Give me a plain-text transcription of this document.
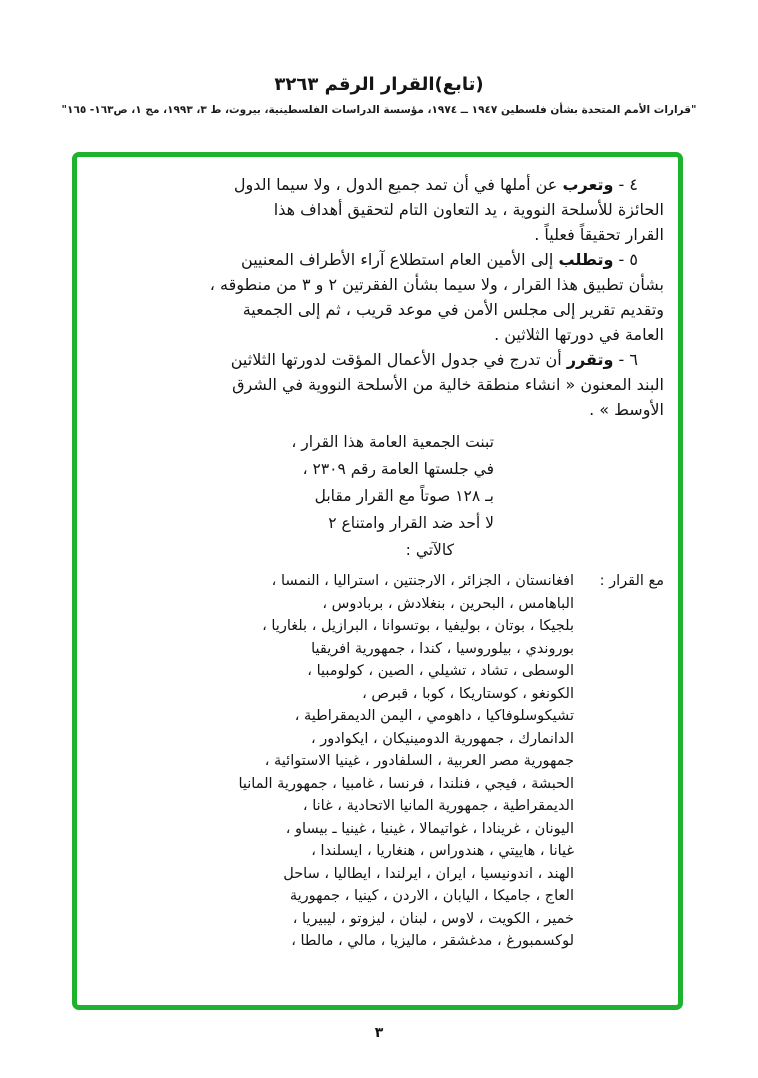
(تابع)القرار الرقم ٣٢٦٣
"قرارات الأمم المتحدة بشأن فلسطين ١٩٤٧ ــ ١٩٧٤، مؤسسة الدراسات الفلسطينية، بيروت، ط ٣، ١٩٩٣، مج ١، ص١٦٣- ١٦٥"
٤ - وتعرب عن أملها في أن تمد جميع الدول ، ولا سيما الدول
الحائزة للأسلحة النووية ، يد التعاون التام لتحقيق أهداف هذا
القرار تحقيقاً فعلياً .
٥ - وتطلب إلى الأمين العام استطلاع آراء الأطراف المعنيين
بشأن تطبيق هذا القرار ، ولا سيما بشأن الفقرتين ٢ و ٣ من منطوقه ،
وتقديم تقرير إلى مجلس الأمن في موعد قريب ، ثم إلى الجمعية
العامة في دورتها الثلاثين .
٦ - وتقرر أن تدرج في جدول الأعمال المؤقت لدورتها الثلاثين
البند المعنون « انشاء منطقة خالية من الأسلحة النووية في الشرق
الأوسط » .
تبنت الجمعية العامة هذا القرار ،
في جلستها العامة رقم ٢٣٠٩ ،
بـ ١٢٨ صوتاً مع القرار مقابل
لا أحد ضد القرار وامتناع ٢
كالآتي :
مع القرار :افغانستان ، الجزائر ، الارجنتين ، استراليا ، النمسا ،
الباهامس ، البحرين ، بنغلادش ، بربادوس ،
بلجيكا ، بوتان ، بوليفيا ، بوتسوانا ، البرازيل ، بلغاريا ،
بوروندي ، بيلوروسيا ، كندا ، جمهورية افريقيا
الوسطى ، تشاد ، تشيلي ، الصين ، كولومبيا ،
الكونغو ، كوستاريكا ، كوبا ، قبرص ،
تشيكوسلوفاكيا ، داهومي ، اليمن الديمقراطية ،
الدانمارك ، جمهورية الدومينيكان ، ايكوادور ،
جمهورية مصر العربية ، السلفادور ، غينيا الاستوائية ،
الحبشة ، فيجي ، فنلندا ، فرنسا ، غامبيا ، جمهورية المانيا
الديمقراطية ، جمهورية المانيا الاتحادية ، غانا ،
اليونان ، غرينادا ، غواتيمالا ، غينيا ، غينيا ـ بيساو ،
غيانا ، هاييتي ، هندوراس ، هنغاريا ، ايسلندا ،
الهند ، اندونيسيا ، ايران ، ايرلندا ، ايطاليا ، ساحل
العاج ، جاميكا ، اليابان ، الاردن ، كينيا ، جمهورية
خمير ، الكويت ، لاوس ، لبنان ، ليزوتو ، ليبيريا ،
لوكسمبورغ ، مدغشقر ، ماليزيا ، مالي ، مالطا ،
٣
